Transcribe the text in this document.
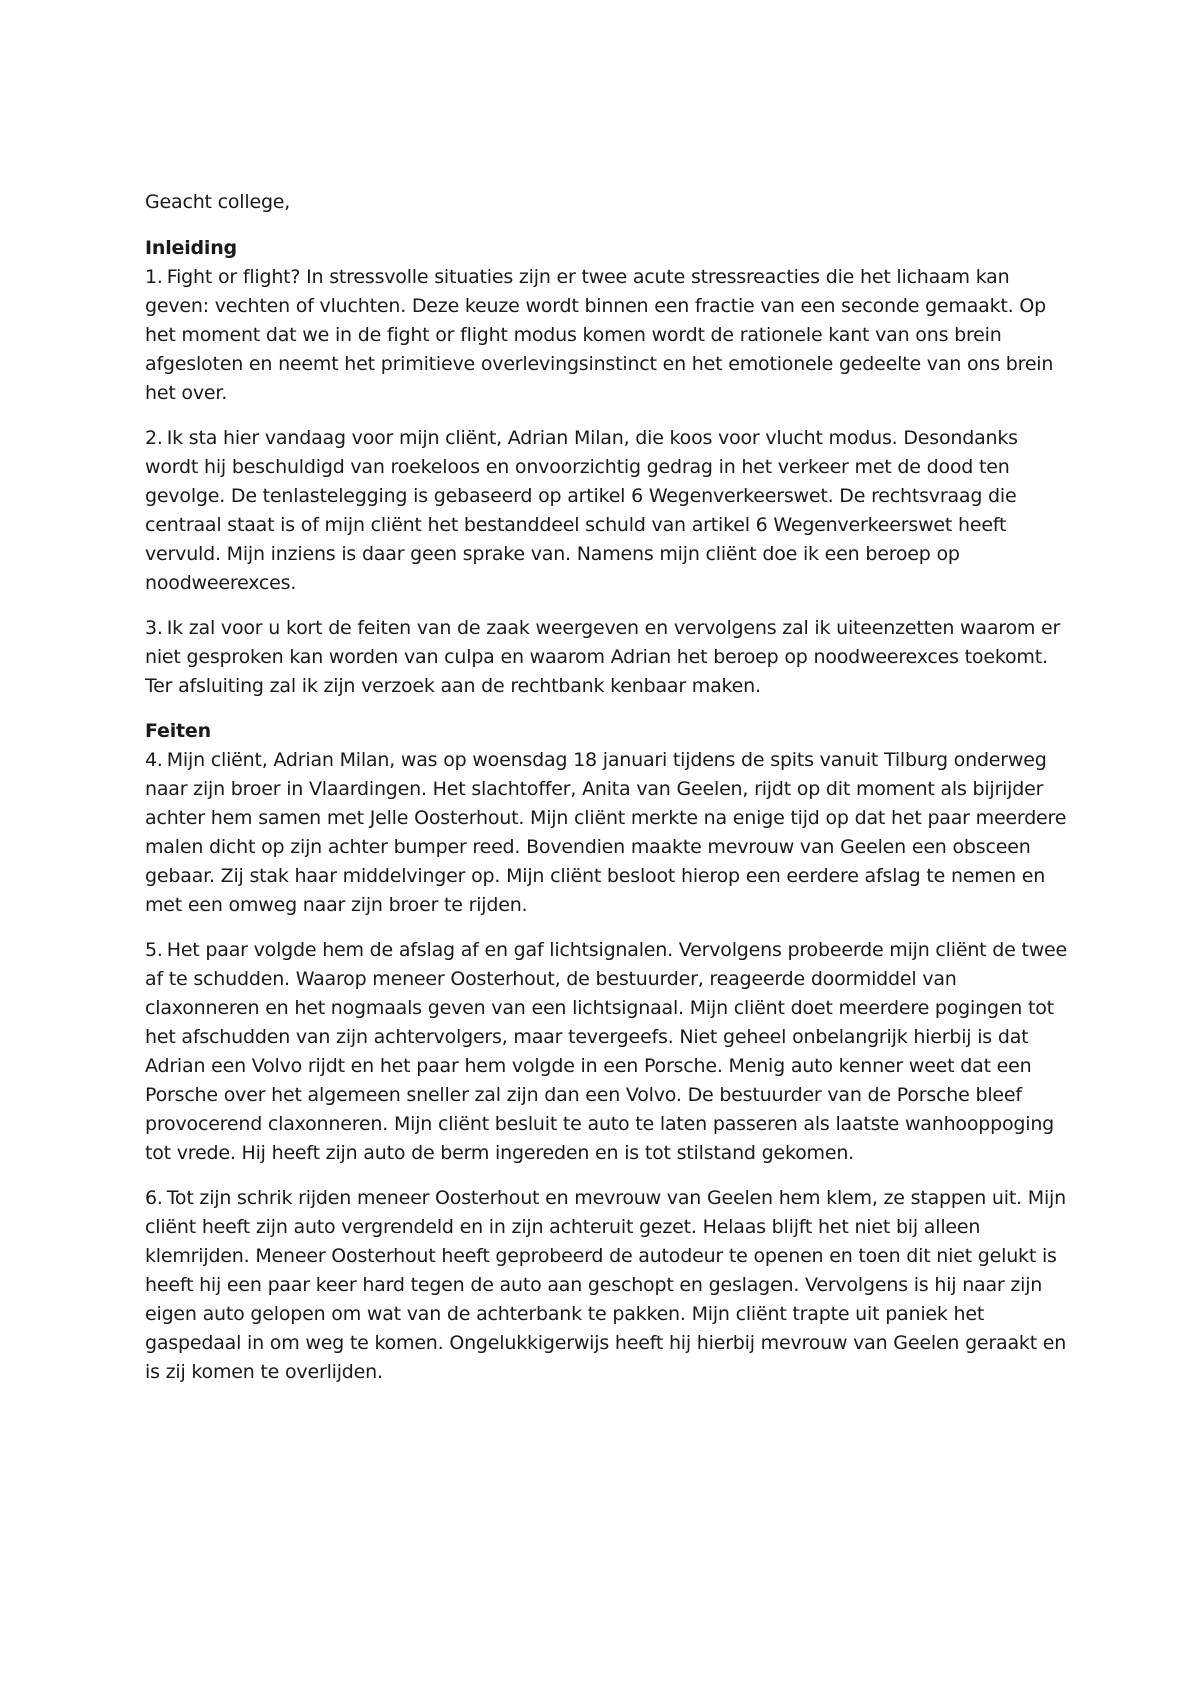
Geacht college,

Inleiding

1. Fight or flight? In stressvolle situaties zijn er twee acute stressreacties die het lichaam kan geven: vechten of vluchten. Deze keuze wordt binnen een fractie van een seconde gemaakt. Op het moment dat we in de fight or flight modus komen wordt de rationele kant van ons brein afgesloten en neemt het primitieve overlevingsinstinct en het emotionele gedeelte van ons brein het over.

2. Ik sta hier vandaag voor mijn cliënt, Adrian Milan, die koos voor vlucht modus. Desondanks wordt hij beschuldigd van roekeloos en onvoorzichtig gedrag in het verkeer met de dood ten gevolge. De tenlastelegging is gebaseerd op artikel 6 Wegenverkeerswet. De rechtsvraag die centraal staat is of mijn cliënt het bestanddeel schuld van artikel 6 Wegenverkeerswet heeft vervuld. Mijn inziens is daar geen sprake van. Namens mijn cliënt doe ik een beroep op noodweerexces.

3. Ik zal voor u kort de feiten van de zaak weergeven en vervolgens zal ik uiteenzetten waarom er niet gesproken kan worden van culpa en waarom Adrian het beroep op noodweerexces toekomt. Ter afsluiting zal ik zijn verzoek aan de rechtbank kenbaar maken.

Feiten

4. Mijn cliënt, Adrian Milan, was op woensdag 18 januari tijdens de spits vanuit Tilburg onderweg naar zijn broer in Vlaardingen. Het slachtoffer, Anita van Geelen, rijdt op dit moment als bijrijder achter hem samen met Jelle Oosterhout. Mijn cliënt merkte na enige tijd op dat het paar meerdere malen dicht op zijn achter bumper reed. Bovendien maakte mevrouw van Geelen een obsceen gebaar. Zij stak haar middelvinger op. Mijn cliënt besloot hierop een eerdere afslag te nemen en met een omweg naar zijn broer te rijden.

5. Het paar volgde hem de afslag af en gaf lichtsignalen. Vervolgens probeerde mijn cliënt de twee af te schudden. Waarop meneer Oosterhout, de bestuurder, reageerde doormiddel van claxonneren en het nogmaals geven van een lichtsignaal. Mijn cliënt doet meerdere pogingen tot het afschudden van zijn achtervolgers, maar tevergeefs. Niet geheel onbelangrijk hierbij is dat Adrian een Volvo rijdt en het paar hem volgde in een Porsche. Menig auto kenner weet dat een Porsche over het algemeen sneller zal zijn dan een Volvo. De bestuurder van de Porsche bleef provocerend claxonneren. Mijn cliënt besluit te auto te laten passeren als laatste wanhooppoging tot vrede. Hij heeft zijn auto de berm ingereden en is tot stilstand gekomen.

6. Tot zijn schrik rijden meneer Oosterhout en mevrouw van Geelen hem klem, ze stappen uit. Mijn cliënt heeft zijn auto vergrendeld en in zijn achteruit gezet. Helaas blijft het niet bij alleen klemrijden. Meneer Oosterhout heeft geprobeerd de autodeur te openen en toen dit niet gelukt is heeft hij een paar keer hard tegen de auto aan geschopt en geslagen. Vervolgens is hij naar zijn eigen auto gelopen om wat van de achterbank te pakken. Mijn cliënt trapte uit paniek het gaspedaal in om weg te komen. Ongelukkigerwijs heeft hij hierbij mevrouw van Geelen geraakt en is zij komen te overlijden.
